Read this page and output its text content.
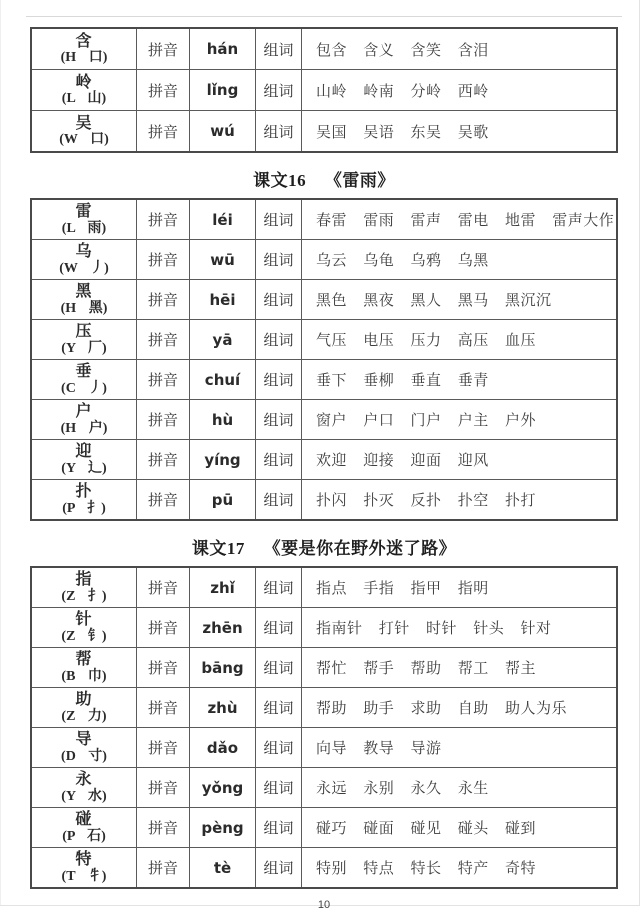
含
(H 口)	拼音	hán	组词	包含 含义 含笑 含泪
岭
(L 山)	拼音	lǐng	组词	山岭 岭南 分岭 西岭
吴
(W 口)	拼音	wú	组词	吴国 吴语 东吴 吴歌
课文16 《雷雨》
雷
(L 雨)	拼音	léi	组词	春雷 雷雨 雷声 雷电 地雷 雷声大作
乌
(W 丿)	拼音	wū	组词	乌云 乌龟 乌鸦 乌黑
黑
(H 黑)	拼音	hēi	组词	黑色 黑夜 黑人 黑马 黑沉沉
压
(Y 厂)	拼音	yā	组词	气压 电压 压力 高压 血压
垂
(C 丿)	拼音	chuí	组词	垂下 垂柳 垂直 垂青
户
(H 户)	拼音	hù	组词	窗户 户口 门户 户主 户外
迎
(Y 辶)	拼音	yíng	组词	欢迎 迎接 迎面 迎风
扑
(P 扌)	拼音	pū	组词	扑闪 扑灭 反扑 扑空 扑打
课文17 《要是你在野外迷了路》
指
(Z 扌)	拼音	zhǐ	组词	指点 手指 指甲 指明
针
(Z 钅)	拼音	zhēn	组词	指南针 打针 时针 针头 针对
帮
(B 巾)	拼音	bāng	组词	帮忙 帮手 帮助 帮工 帮主
助
(Z 力)	拼音	zhù	组词	帮助 助手 求助 自助 助人为乐
导
(D 寸)	拼音	dǎo	组词	向导 教导 导游
永
(Y 水)	拼音	yǒng	组词	永远 永别 永久 永生
碰
(P 石)	拼音	pèng	组词	碰巧 碰面 碰见 碰头 碰到
特
(T 牜)	拼音	tè	组词	特别 特点 特长 特产 奇特
10
